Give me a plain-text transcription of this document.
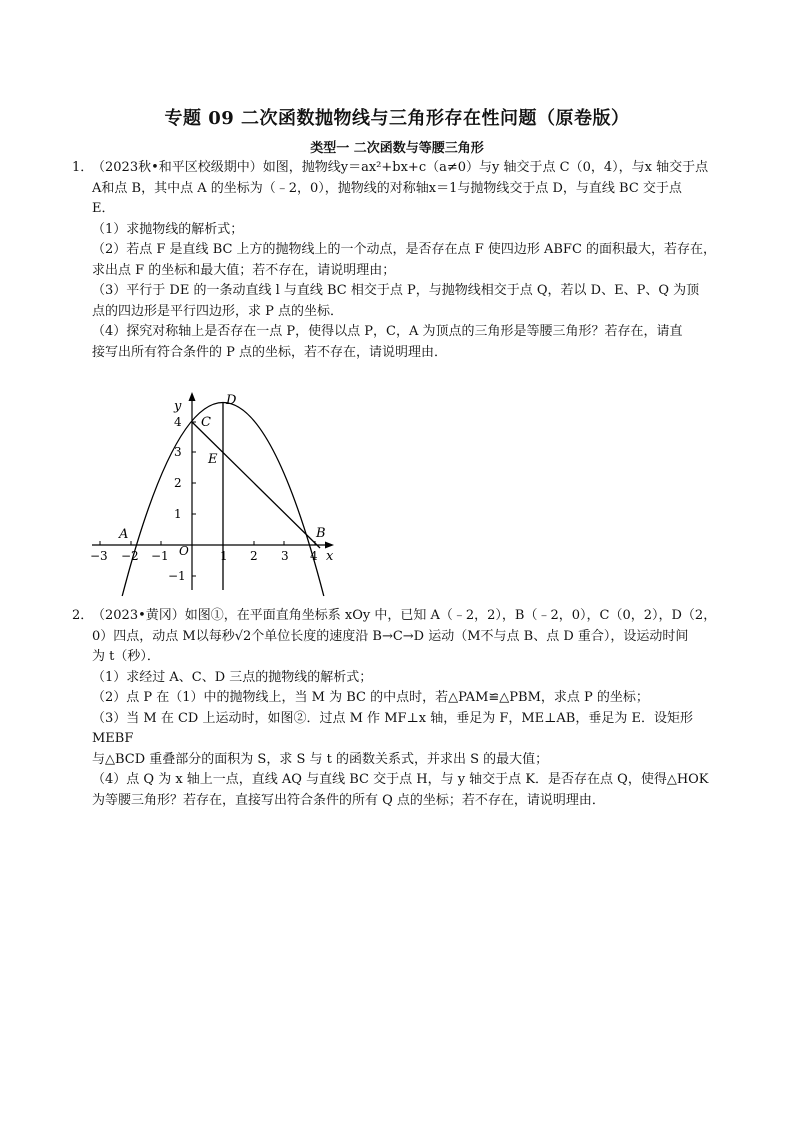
专题 09 二次函数抛物线与三角形存在性问题（原卷版）
类型一 二次函数与等腰三角形

1．（2023秋•和平区校级期中）如图，抛物线y＝ax²+bx+c（a≠0）与y 轴交于点 C（0，4），与x 轴交于点

A和点 B，其中点 A 的坐标为（﹣2，0），抛物线的对称轴x＝1与抛物线交于点 D，与直线 BC 交于点

E．

（1）求抛物线的解析式；

（2）若点 F 是直线 BC 上方的抛物线上的一个动点，是否存在点 F 使四边形 ABFC 的面积最大，若存在，

求出点 F 的坐标和最大值；若不存在，请说明理由；

（3）平行于 DE 的一条动直线 l 与直线 BC 相交于点 P，与抛物线相交于点 Q，若以 D、E、P、Q 为顶

点的四边形是平行四边形，求 P 点的坐标．

（4）探究对称轴上是否存在一点 P，使得以点 P，C，A 为顶点的三角形是等腰三角形？若存在，请直

接写出所有符合条件的 P 点的坐标，若不存在，请说明理由．

−3 −2 −1	1 2 3 4
4
3
2
1
−1
x
y
O
A	B
C
D
E

2．（2023•黄冈）如图①，在平面直角坐标系 xOy 中，已知 A（﹣2，2），B（﹣2，0），C（0，2），D（2，

0）四点，动点 M以每秒√2个单位长度的速度沿 B→C→D 运动（M不与点 B、点 D 重合），设运动时间

为 t（秒）．

（1）求经过 A、C、D 三点的抛物线的解析式；

（2）点 P 在（1）中的抛物线上，当 M 为 BC 的中点时，若△PAM≌△PBM，求点 P 的坐标；

（3）当 M 在 CD 上运动时，如图②．过点 M 作 MF⊥x 轴，垂足为 F，ME⊥AB，垂足为 E．设矩形 MEBF

与△BCD 重叠部分的面积为 S，求 S 与 t 的函数关系式，并求出 S 的最大值；

（4）点 Q 为 x 轴上一点，直线 AQ 与直线 BC 交于点 H，与 y 轴交于点 K．是否存在点 Q，使得△HOK

为等腰三角形？若存在，直接写出符合条件的所有 Q 点的坐标；若不存在，请说明理由．
